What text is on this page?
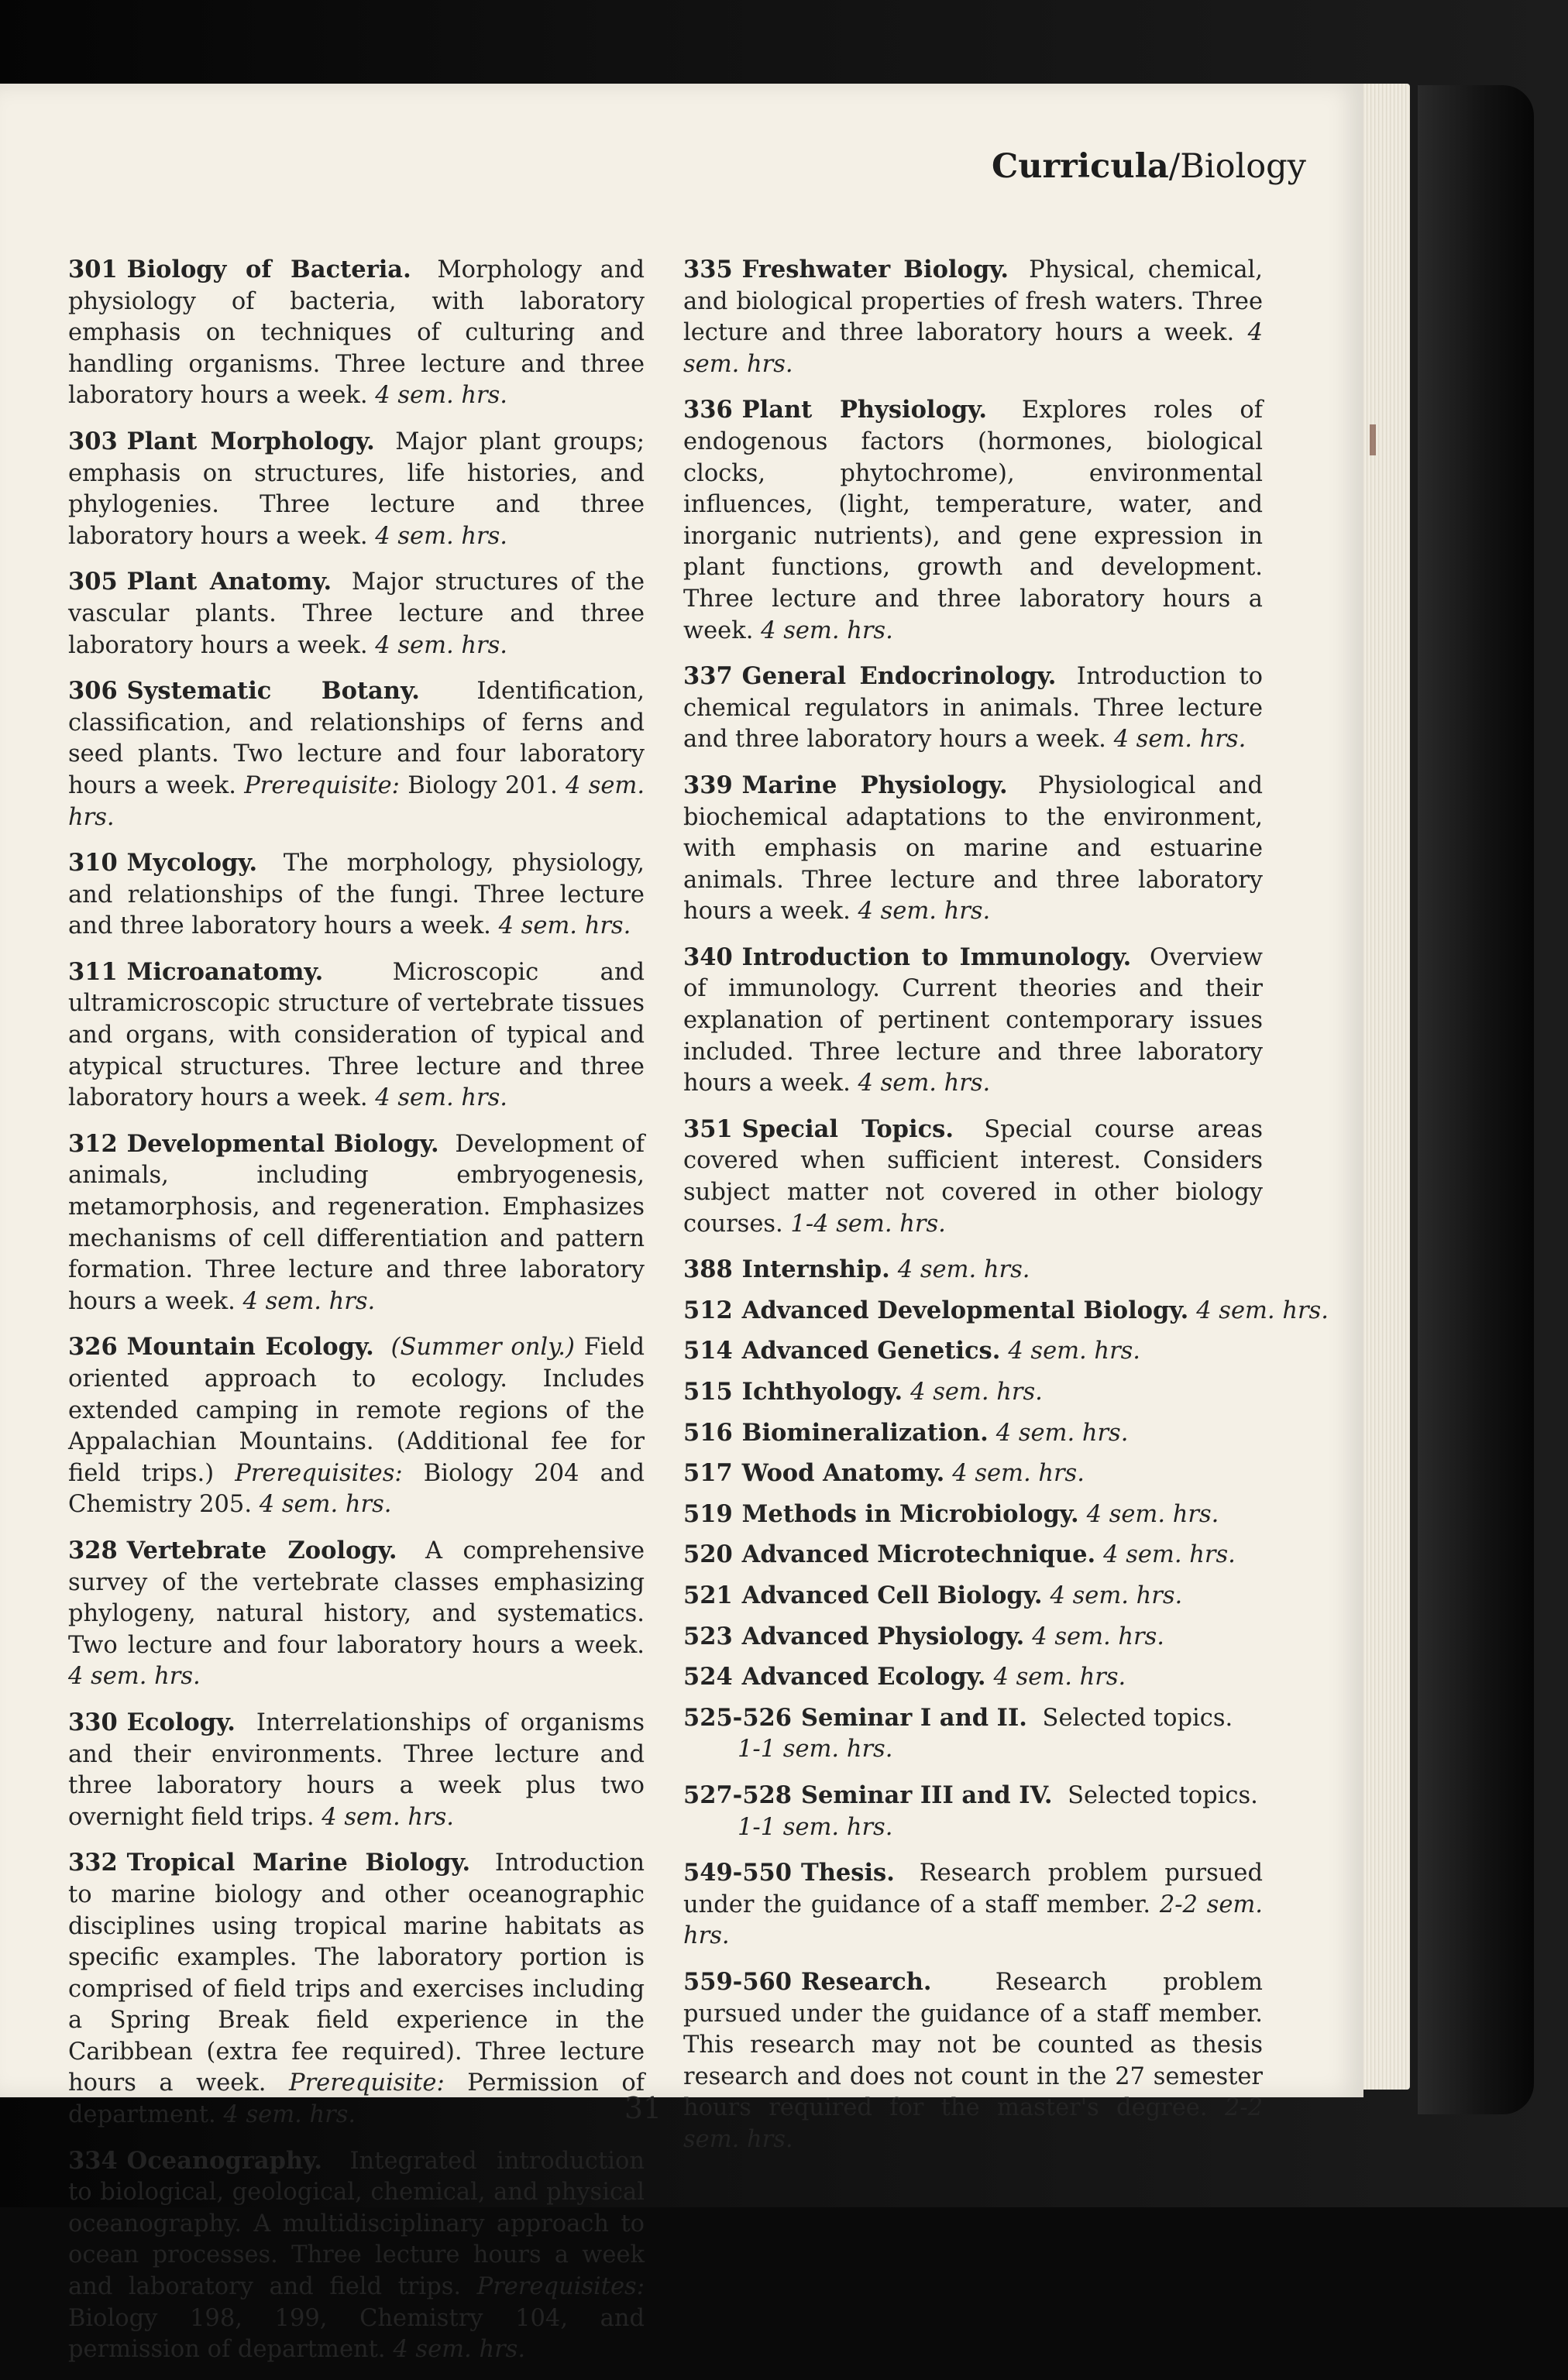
Curricula/Biology

301 Biology of Bacteria. Morphology and physiology of bacteria, with laboratory emphasis on techniques of culturing and handling organisms. Three lecture and three laboratory hours a week. 4 sem. hrs.

303 Plant Morphology. Major plant groups; emphasis on structures, life histories, and phylogenies. Three lecture and three laboratory hours a week. 4 sem. hrs.

305 Plant Anatomy. Major structures of the vascular plants. Three lecture and three laboratory hours a week. 4 sem. hrs.

306 Systematic Botany. Identification, classification, and relationships of ferns and seed plants. Two lecture and four laboratory hours a week. Prerequisite: Biology 201. 4 sem. hrs.

310 Mycology. The morphology, physiology, and relationships of the fungi. Three lecture and three laboratory hours a week. 4 sem. hrs.

311 Microanatomy.	Microscopic and ultramicroscopic structure of vertebrate tissues and organs, with consideration of typical and atypical structures. Three lecture and three laboratory hours a week. 4 sem. hrs.

312 Developmental Biology. Development of animals, including embryogenesis, metamorphosis, and regeneration. Emphasizes mechanisms of cell differentiation and pattern formation. Three lecture and three laboratory hours a week. 4 sem. hrs.

326 Mountain Ecology. (Summer only.) Field oriented approach to ecology. Includes extended camping in remote regions of the Appalachian Mountains. (Additional fee for field trips.) Prerequisites: Biology 204 and Chemistry 205. 4 sem. hrs.

328 Vertebrate Zoology. A comprehensive survey of the vertebrate classes emphasizing phylogeny, natural history, and systematics. Two lecture and four laboratory hours a week. 4 sem. hrs.

330 Ecology. Interrelationships of organisms and their environments. Three lecture and three laboratory hours a week plus two overnight field trips. 4 sem. hrs.

332 Tropical Marine Biology. Introduction to marine biology and other oceanographic disciplines using tropical marine habitats as specific examples. The laboratory portion is comprised of field trips and exercises including a Spring Break field experience in the Caribbean (extra fee required). Three lecture hours a week. Prerequisite: Permission of department. 4 sem. hrs.

334 Oceanography. Integrated introduction to biological, geological, chemical, and physical oceanography. A multidisciplinary approach to ocean processes. Three lecture hours a week and laboratory and field trips. Prerequisites: Biology 198, 199, Chemistry 104, and permission of department. 4 sem. hrs.

335 Freshwater Biology. Physical, chemical, and biological properties of fresh waters. Three lecture and three laboratory hours a week. 4 sem. hrs.

336 Plant Physiology. Explores roles of endogenous factors (hormones, biological clocks, phytochrome), environmental influences, (light, temperature, water, and inorganic nutrients), and gene expression in plant functions, growth and development. Three lecture and three laboratory hours a week. 4 sem. hrs.

337 General Endocrinology. Introduction to chemical regulators in animals. Three lecture and three laboratory hours a week. 4 sem. hrs.

339 Marine Physiology. Physiological and biochemical adaptations to the environment, with emphasis on marine and estuarine animals. Three lecture and three laboratory hours a week. 4 sem. hrs.

340 Introduction to Immunology. Overview of immunology. Current theories and their explanation of pertinent contemporary issues included. Three lecture and three laboratory hours a week. 4 sem. hrs.

351 Special Topics. Special course areas covered when sufficient interest. Considers subject matter not covered in other biology courses. 1-4 sem. hrs.

388 Internship. 4 sem. hrs.

512 Advanced Developmental Biology. 4 sem. hrs.

514 Advanced Genetics. 4 sem. hrs.

515 Ichthyology. 4 sem. hrs.

516 Biomineralization. 4 sem. hrs.

517 Wood Anatomy. 4 sem. hrs.

519 Methods in Microbiology. 4 sem. hrs.

520 Advanced Microtechnique. 4 sem. hrs.

521 Advanced Cell Biology. 4 sem. hrs.

523 Advanced Physiology. 4 sem. hrs.

524 Advanced Ecology. 4 sem. hrs.

525-526 Seminar I and II. Selected topics.
1-1 sem. hrs.

527-528 Seminar III and IV. Selected topics.
1-1 sem. hrs.

549-550 Thesis. Research problem pursued under the guidance of a staff member. 2-2 sem. hrs.

559-560 Research.	Research problem pursued under the guidance of a staff member. This research may not be counted as thesis research and does not count in the 27 semester hours required for the master's degree. 2-2 sem. hrs.

31
